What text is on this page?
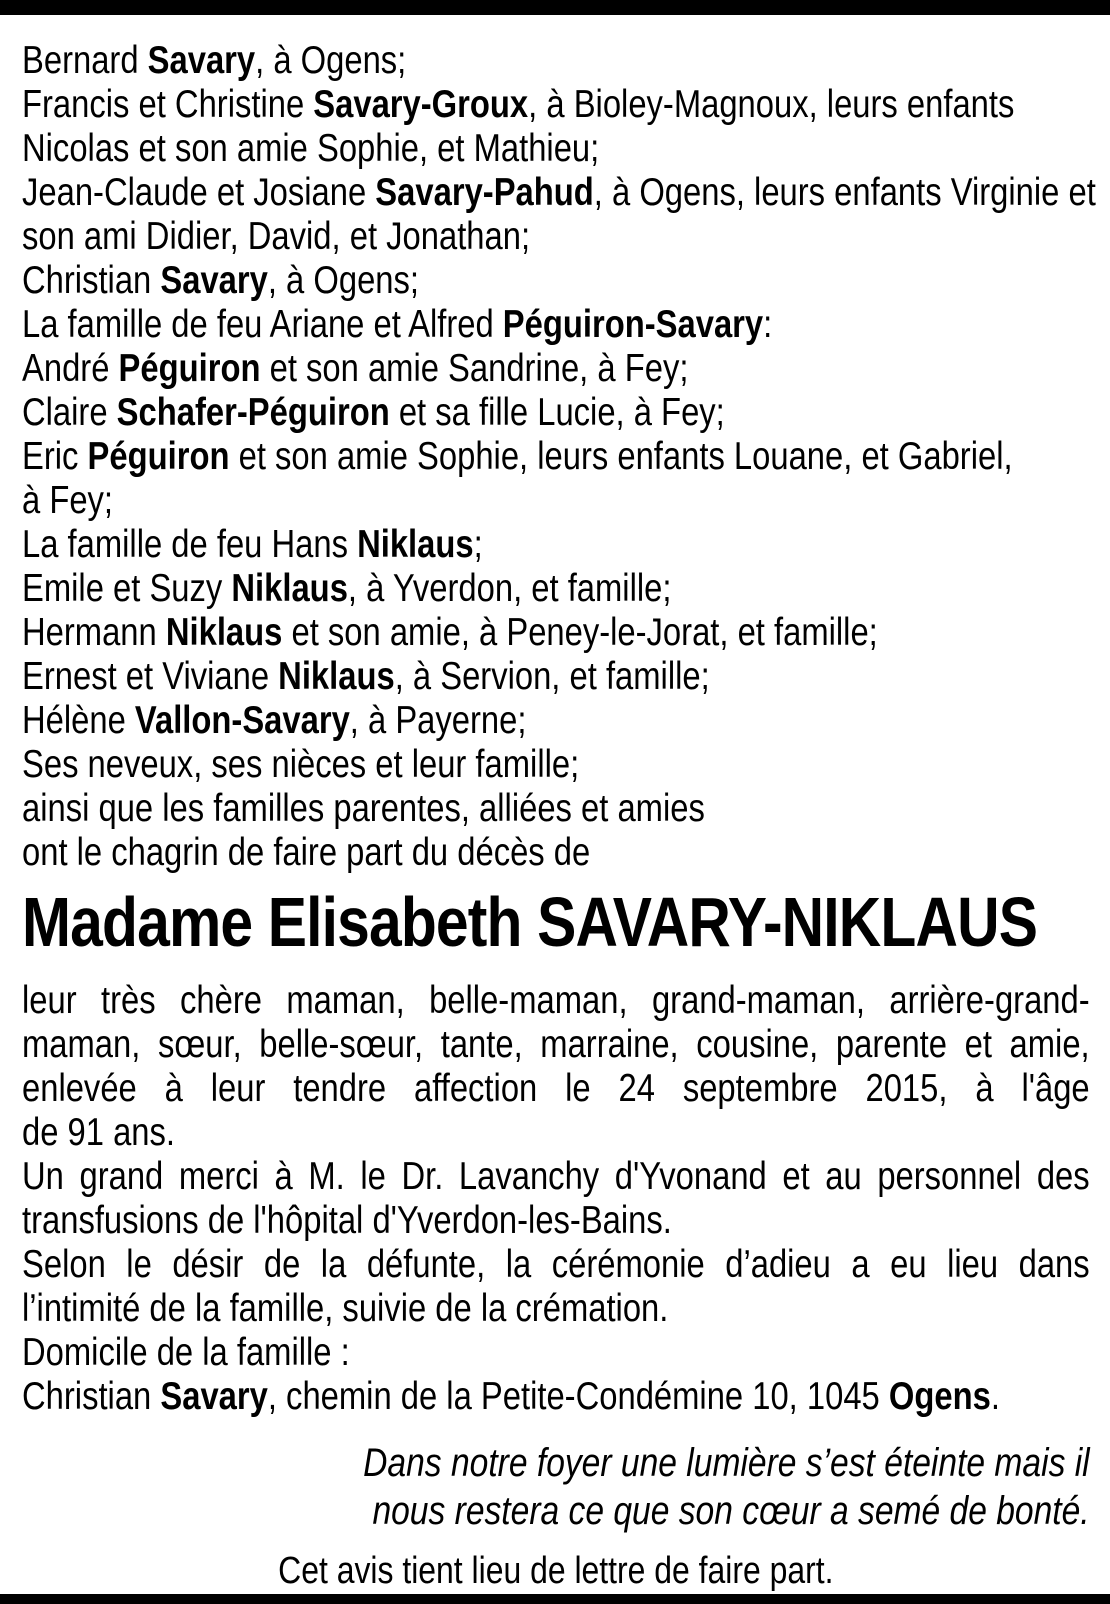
Bernard Savary, à Ogens;
Francis et Christine Savary-Groux, à Bioley-Magnoux, leurs enfants
Nicolas et son amie Sophie, et Mathieu;
Jean-Claude et Josiane Savary-Pahud, à Ogens, leurs enfants Virginie et
son ami Didier, David, et Jonathan;
Christian Savary, à Ogens;
La famille de feu Ariane et Alfred Péguiron-Savary:
André Péguiron et son amie Sandrine, à Fey;
Claire Schafer-Péguiron et sa fille Lucie, à Fey;
Eric Péguiron et son amie Sophie, leurs enfants Louane, et Gabriel,
à Fey;
La famille de feu Hans Niklaus;
Emile et Suzy Niklaus, à Yverdon, et famille;
Hermann Niklaus et son amie, à Peney-le-Jorat, et famille;
Ernest et Viviane Niklaus, à Servion, et famille;
Hélène Vallon-Savary, à Payerne;
Ses neveux, ses nièces et leur famille;
ainsi que les familles parentes, alliées et amies
ont le chagrin de faire part du décès de
Madame Elisabeth SAVARY-NIKLAUS
leur très chère maman, belle-maman, grand-maman, arrière-grand-
maman, sœur, belle-sœur, tante, marraine, cousine, parente et amie,
enlevée à leur tendre affection le 24 septembre 2015, à l'âge
de 91 ans.
Un grand merci à M. le Dr. Lavanchy d'Yvonand et au personnel des
transfusions de l'hôpital d'Yverdon-les-Bains.
Selon le désir de la défunte, la cérémonie d’adieu a eu lieu dans
l’intimité de la famille, suivie de la crémation.
Domicile de la famille :
Christian Savary, chemin de la Petite-Condémine 10, 1045 Ogens.
Dans notre foyer une lumière s’est éteinte mais il
nous restera ce que son cœur a semé de bonté.
Cet avis tient lieu de lettre de faire part.
